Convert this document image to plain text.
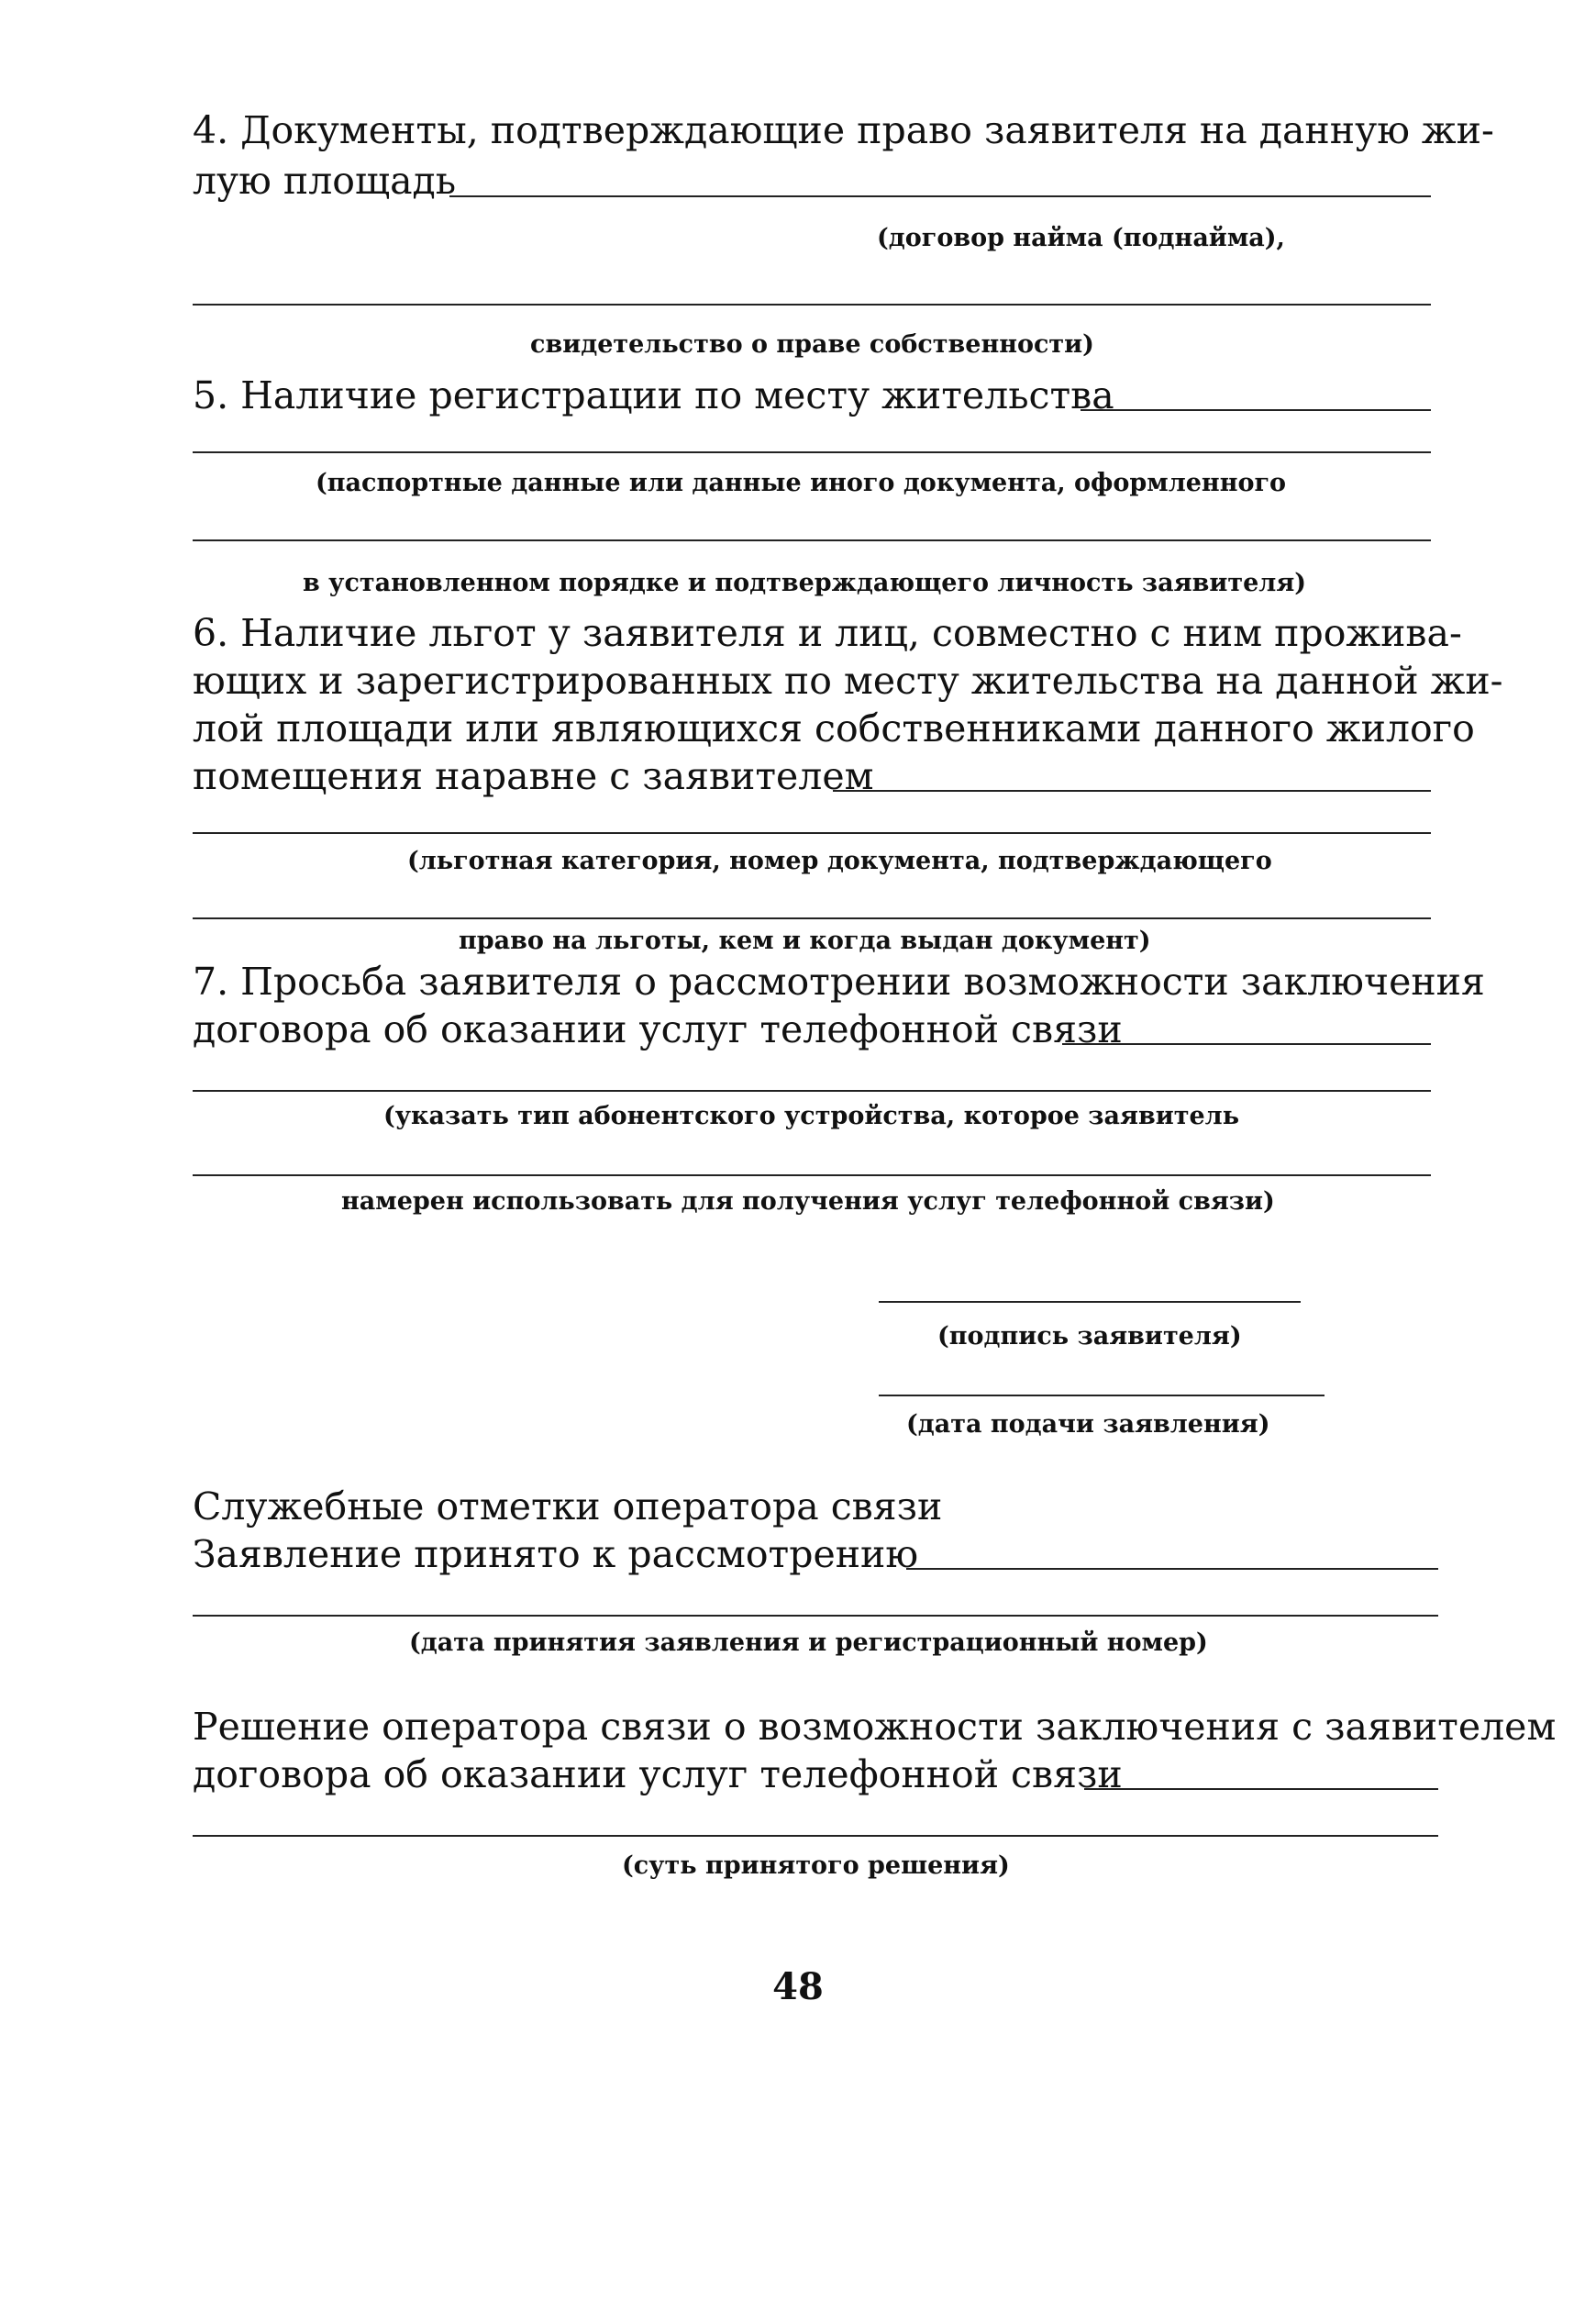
4. Документы, подтверждающие право заявителя на данную жи-
лую площадь
(договор найма (поднайма),
свидетельство о праве собственности)
5. Наличие регистрации по месту жительства
(паспортные данные или данные иного документа, оформленного
в установленном порядке и подтверждающего личность заявителя)
6. Наличие льгот у заявителя и лиц, совместно с ним прожива-
ющих и зарегистрированных по месту жительства на данной жи-
лой площади или являющихся собственниками данного жилого
помещения наравне с заявителем
(льготная категория, номер документа, подтверждающего
право на льготы, кем и когда выдан документ)
7. Просьба заявителя о рассмотрении возможности заключения
договора об оказании услуг телефонной связи
(указать тип абонентского устройства, которое заявитель
намерен использовать для получения услуг телефонной связи)
(подпись заявителя)
(дата подачи заявления)
Служебные отметки оператора связи
Заявление принято к рассмотрению
(дата принятия заявления и регистрационный номер)
Решение оператора связи о возможности заключения с заявителем
договора об оказании услуг телефонной связи
(суть принятого решения)
48
